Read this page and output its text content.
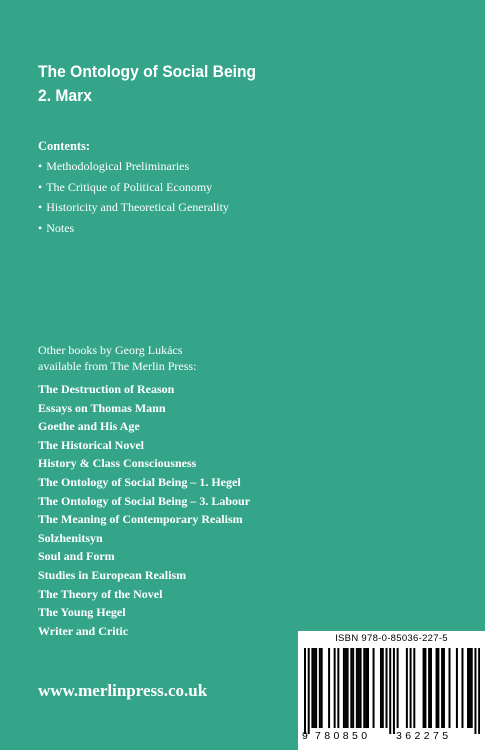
The Ontology of Social Being
2. Marx
Contents:
• Methodological Preliminaries
• The Critique of Political Economy
• Historicity and Theoretical Generality
• Notes
Other books by Georg Lukács
available from The Merlin Press:
The Destruction of Reason
Essays on Thomas Mann
Goethe and His Age
The Historical Novel
History & Class Consciousness
The Ontology of Social Being – 1. Hegel
The Ontology of Social Being – 3. Labour
The Meaning of Contemporary Realism
Solzhenitsyn
Soul and Form
Studies in European Realism
The Theory of the Novel
The Young Hegel
Writer and Critic
www.merlinpress.co.uk
ISBN 978-0-85036-227-5
9 780850 362275
